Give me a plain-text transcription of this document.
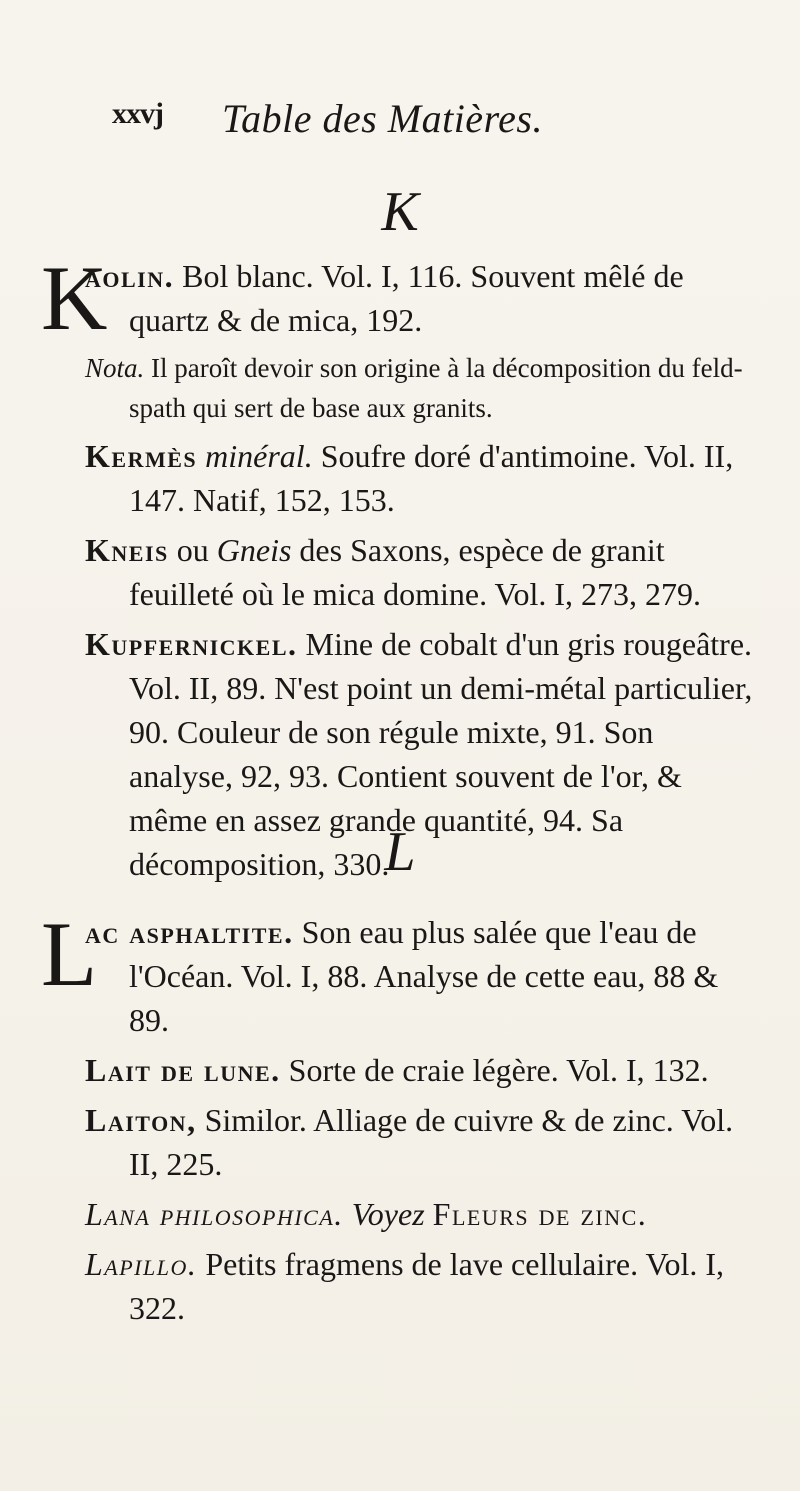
xxvj Table des Matières.
K

K
aolin. Bol blanc. Vol. I, 116. Souvent mêlé de quartz & de mica, 192.

Nota. Il paroît devoir son origine à la décomposition du feld-spath qui sert de base aux granits.

Kermès minéral. Soufre doré d'antimoine. Vol. II, 147. Natif, 152, 153.

Kneis ou Gneis des Saxons, espèce de granit feuilleté où le mica domine. Vol. I, 273, 279.

Kupfernickel. Mine de cobalt d'un gris rougeâtre. Vol. II, 89. N'est point un demi-métal particulier, 90. Couleur de son régule mixte, 91. Son analyse, 92, 93. Contient souvent de l'or, & même en assez grande quantité, 94. Sa décomposition, 330.

L

L
ac asphaltite. Son eau plus salée que l'eau de l'Océan. Vol. I, 88. Analyse de cette eau, 88 & 89.

Lait de lune. Sorte de craie légère. Vol. I, 132.

Laiton, Similor. Alliage de cuivre & de zinc. Vol. II, 225.

Lana philosophica. Voyez Fleurs de zinc.

Lapillo. Petits fragmens de lave cellulaire. Vol. I, 322.
